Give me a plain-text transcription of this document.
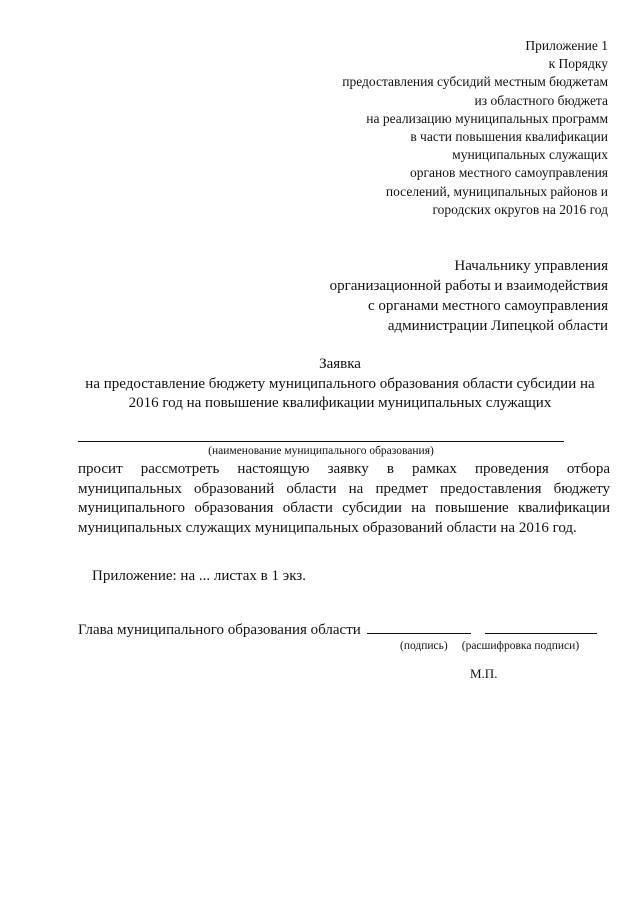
Приложение 1
к Порядку
предоставления субсидий местным бюджетам
из областного бюджета
на реализацию муниципальных программ
в части повышения квалификации
муниципальных служащих
органов местного самоуправления
поселений, муниципальных районов и
городских округов на 2016 год
Начальнику управления
организационной работы и взаимодействия
с органами местного самоуправления
администрации Липецкой области
Заявка
на предоставление бюджету муниципального образования области субсидии на
2016 год на повышение квалификации муниципальных служащих
(наименование муниципального образования)
просит рассмотреть настоящую заявку в рамках проведения отбора муниципальных образований области на предмет предоставления бюджету муниципального образования области субсидии на повышение квалификации муниципальных служащих муниципальных образований области на 2016 год.
Приложение: на ... листах в 1 экз.
Глава муниципального образования области
(подпись) (расшифровка подписи)
М.П.
